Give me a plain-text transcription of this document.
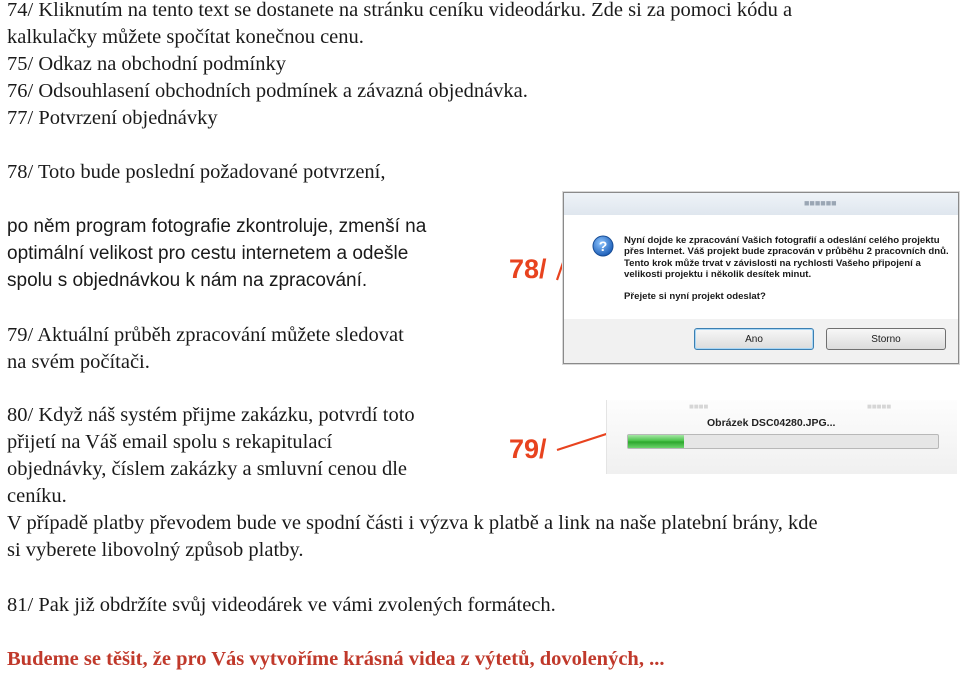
74/ Kliknutím na tento text se dostanete na stránku ceníku videodárku. Zde si za pomoci kódu a

kalkulačky můžete spočítat konečnou cenu.

75/ Odkaz na obchodní podmínky

76/ Odsouhlasení obchodních podmínek a závazná objednávka.

77/ Potvrzení objednávky

78/ Toto bude poslední požadované potvrzení,

po něm program fotografie zkontroluje, zmenší na

optimální velikost pro cestu internetem a odešle

spolu s objednávkou k nám na zpracování.

79/ Aktuální průběh zpracování můžete sledovat

na svém počítači.

80/ Když náš systém přijme zakázku, potvrdí toto

přijetí na Váš email spolu s rekapitulací

objednávky, číslem zakázky a smluvní cenou dle

ceníku.

V případě platby převodem bude ve spodní části i výzva k platbě a link na naše platební brány, kde

si vyberete libovolný způsob platby.

81/ Pak již obdržíte svůj videodárek ve vámi zvolených formátech.

Budeme se těšit, že pro Vás vytvoříme krásná videa z výtetů, dovolených, ...

78/
79/
■■■■■■
? Nyní dojde ke zpracování Vašich fotografií a odeslání celého projektu
přes Internet. Váš projekt bude zpracován v průběhu 2 pracovních dnů.
Tento krok může trvat v závislosti na rychlosti Vašeho připojení a
velikosti projektu i několik desítek minut.
Přejete si nyní projekt odeslat?
Ano	Storno
■■■■	■■■■■
Obrázek DSC04280.JPG...
